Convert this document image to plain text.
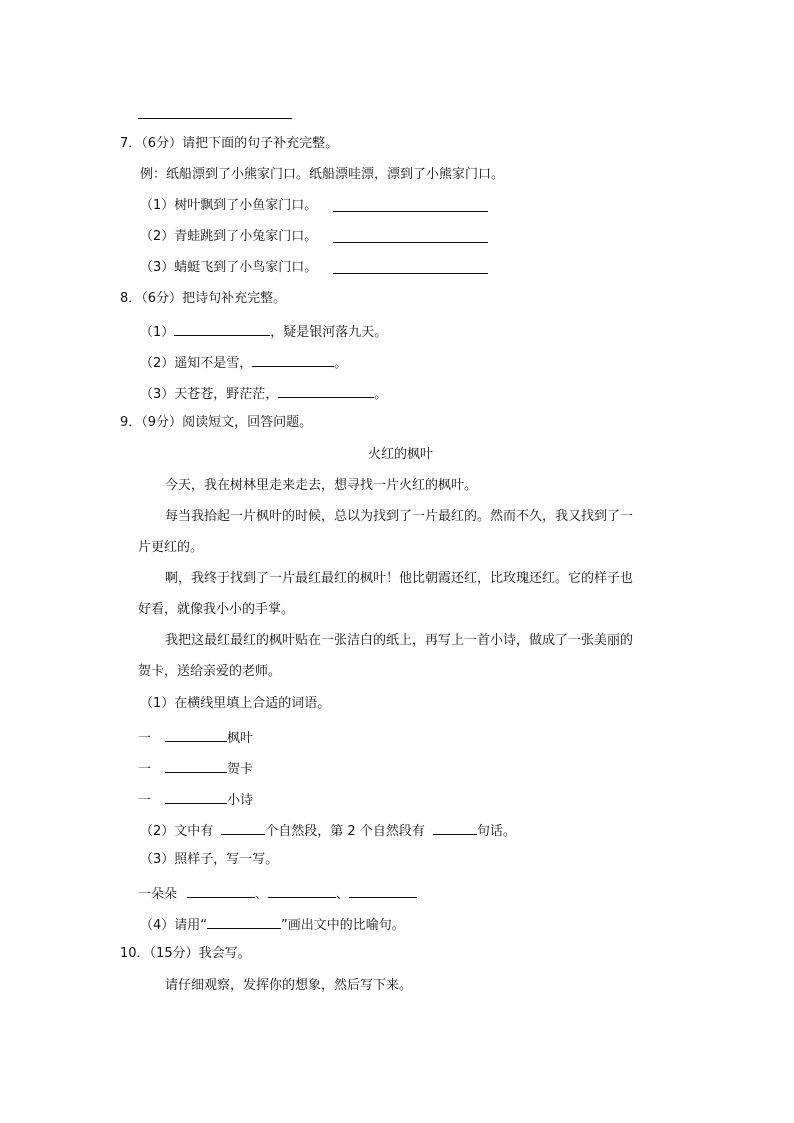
7．（6分）请把下面的句子补充完整。
例：纸船漂到了小熊家门口。纸船漂哇漂，漂到了小熊家门口。
（1）树叶飘到了小鱼家门口。
（2）青蛙跳到了小兔家门口。
（3）蜻蜓飞到了小鸟家门口。
8．（6分）把诗句补充完整。
（1）	，疑是银河落九天。
（2）遥知不是雪，	。
（3）天苍苍，野茫茫，	。
9．（9分）阅读短文，回答问题。
火红的枫叶
今天，我在树林里走来走去，想寻找一片火红的枫叶。
每当我拾起一片枫叶的时候，总以为找到了一片最红的。然而不久，我又找到了一
片更红的。
啊，我终于找到了一片最红最红的枫叶！他比朝霞还红，比玫瑰还红。它的样子也
好看，就像我小小的手掌。
我把这最红最红的枫叶贴在一张洁白的纸上，再写上一首小诗，做成了一张美丽的
贺卡，送给亲爱的老师。
（1）在横线里填上合适的词语。
一	枫叶
一	贺卡
一	小诗
（2）文中有	个自然段，第 2 个自然段有	句话。
（3）照样子，写一写。
一朵朵	、	、
（4）请用“	”画出文中的比喻句。
10．（15分）我会写。
请仔细观察，发挥你的想象，然后写下来。
